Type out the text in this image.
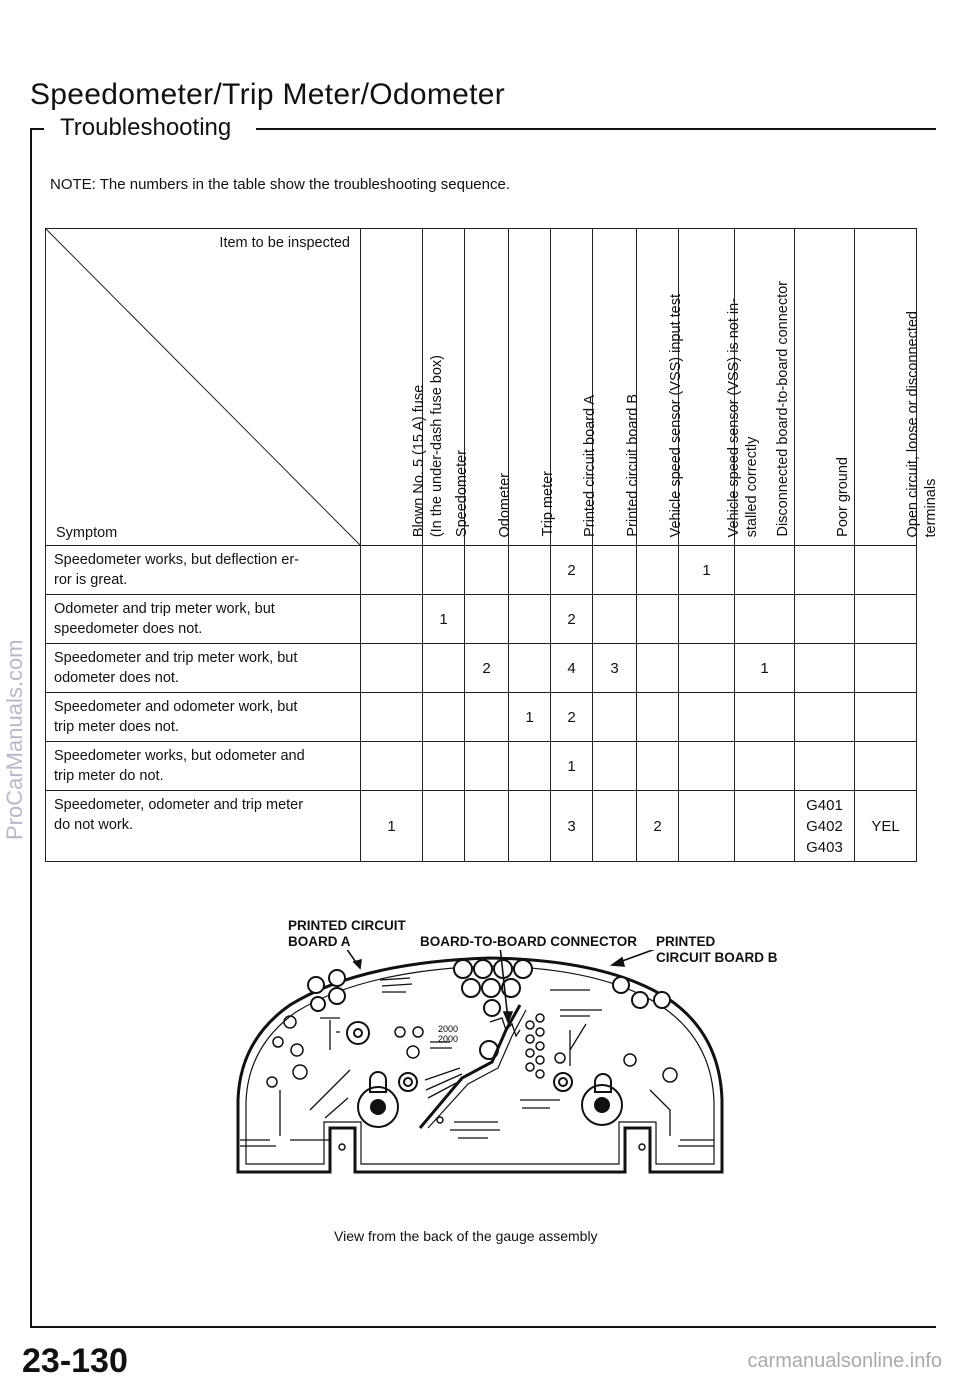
Speedometer/Trip Meter/Odometer
Troubleshooting
NOTE: The numbers in the table show the troubleshooting sequence.
Item to be inspected
Symptom	Blown No. 5 (15 A) fuse (In the under-dash fuse box)	Speedometer	Odometer	Trip meter	Printed circuit board A	Printed circuit board B	Vehicle speed sensor (VSS) input test	Vehicle speed sensor (VSS) is not in- stalled correctly	Disconnected board-to-board connector	Poor ground	Open circuit, loose or disconnected terminals

Speedometer works, but deflection er-
ror is great.					2			1			
Odometer and trip meter work, but
speedometer does not.		1			2						
Speedometer and trip meter work, but
odometer does not.			2		4	3			1		
Speedometer and odometer work, but
trip meter does not.				1	2						
Speedometer works, but odometer and
trip meter do not.					1						
Speedometer, odometer and trip meter
do not work.	1				3		2			G401
G402
G403	YEL
2000
2000
PRINTED CIRCUIT
BOARD A	BOARD-TO-BOARD CONNECTOR PRINTED
CIRCUIT BOARD B
View from the back of the gauge assembly
23-130
ProCarManuals.com
carmanualsonline.info
